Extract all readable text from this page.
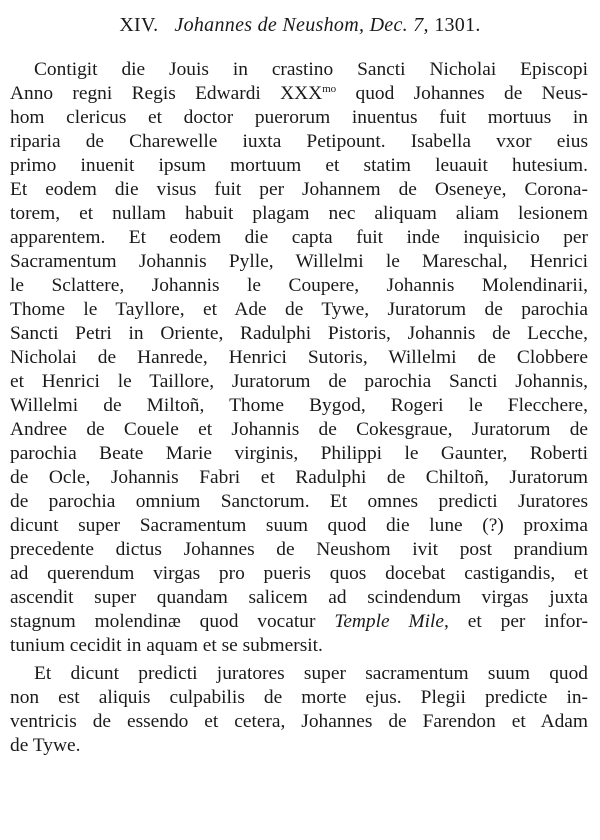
XIV. Johannes de Neushom, Dec. 7, 1301.
Contigit die Jouis in crastino Sancti Nicholai Episcopi
Anno regni Regis Edwardi $XXX^{mo}$ quod Johannes de Neus-
hom clericus et doctor puerorum inuentus fuit mortuus in
riparia de Charewelle iuxta Petipount. Isabella vxor eius
primo inuenit ipsum mortuum et statim leuauit hutesium.
Et eodem die visus fuit per Johannem de Oseneye, Corona-
torem, et nullam habuit plagam nec aliquam aliam lesionem
apparentem. Et eodem die capta fuit inde inquisicio per
Sacramentum Johannis Pylle, Willelmi le Mareschal, Henrici
le Sclattere, Johannis le Coupere, Johannis Molendinarii,
Thome le Tayllore, et Ade de Tywe, Juratorum de parochia
Sancti Petri in Oriente, Radulphi Pistoris, Johannis de Lecche,
Nicholai de Hanrede, Henrici Sutoris, Willelmi de Clobbere
et Henrici le Taillore, Juratorum de parochia Sancti Johannis,
Willelmi de Miltoñ, Thome Bygod, Rogeri le Flecchere,
Andree de Couele et Johannis de Cokesgraue, Juratorum de
parochia Beate Marie virginis, Philippi le Gaunter, Roberti
de Ocle, Johannis Fabri et Radulphi de Chiltoñ, Juratorum
de parochia omnium Sanctorum. Et omnes predicti Juratores
dicunt super Sacramentum suum quod die lune (?) proxima
precedente dictus Johannes de Neushom ivit post prandium
ad querendum virgas pro pueris quos docebat castigandis, et
ascendit super quandam salicem ad scindendum virgas juxta
stagnum molendinæ quod vocatur Temple Mile, et per infor-
tunium cecidit in aquam et se submersit.
Et dicunt predicti juratores super sacramentum suum quod
non est aliquis culpabilis de morte ejus. Plegii predicte in-
ventricis de essendo et cetera, Johannes de Farendon et Adam
de Tywe.
